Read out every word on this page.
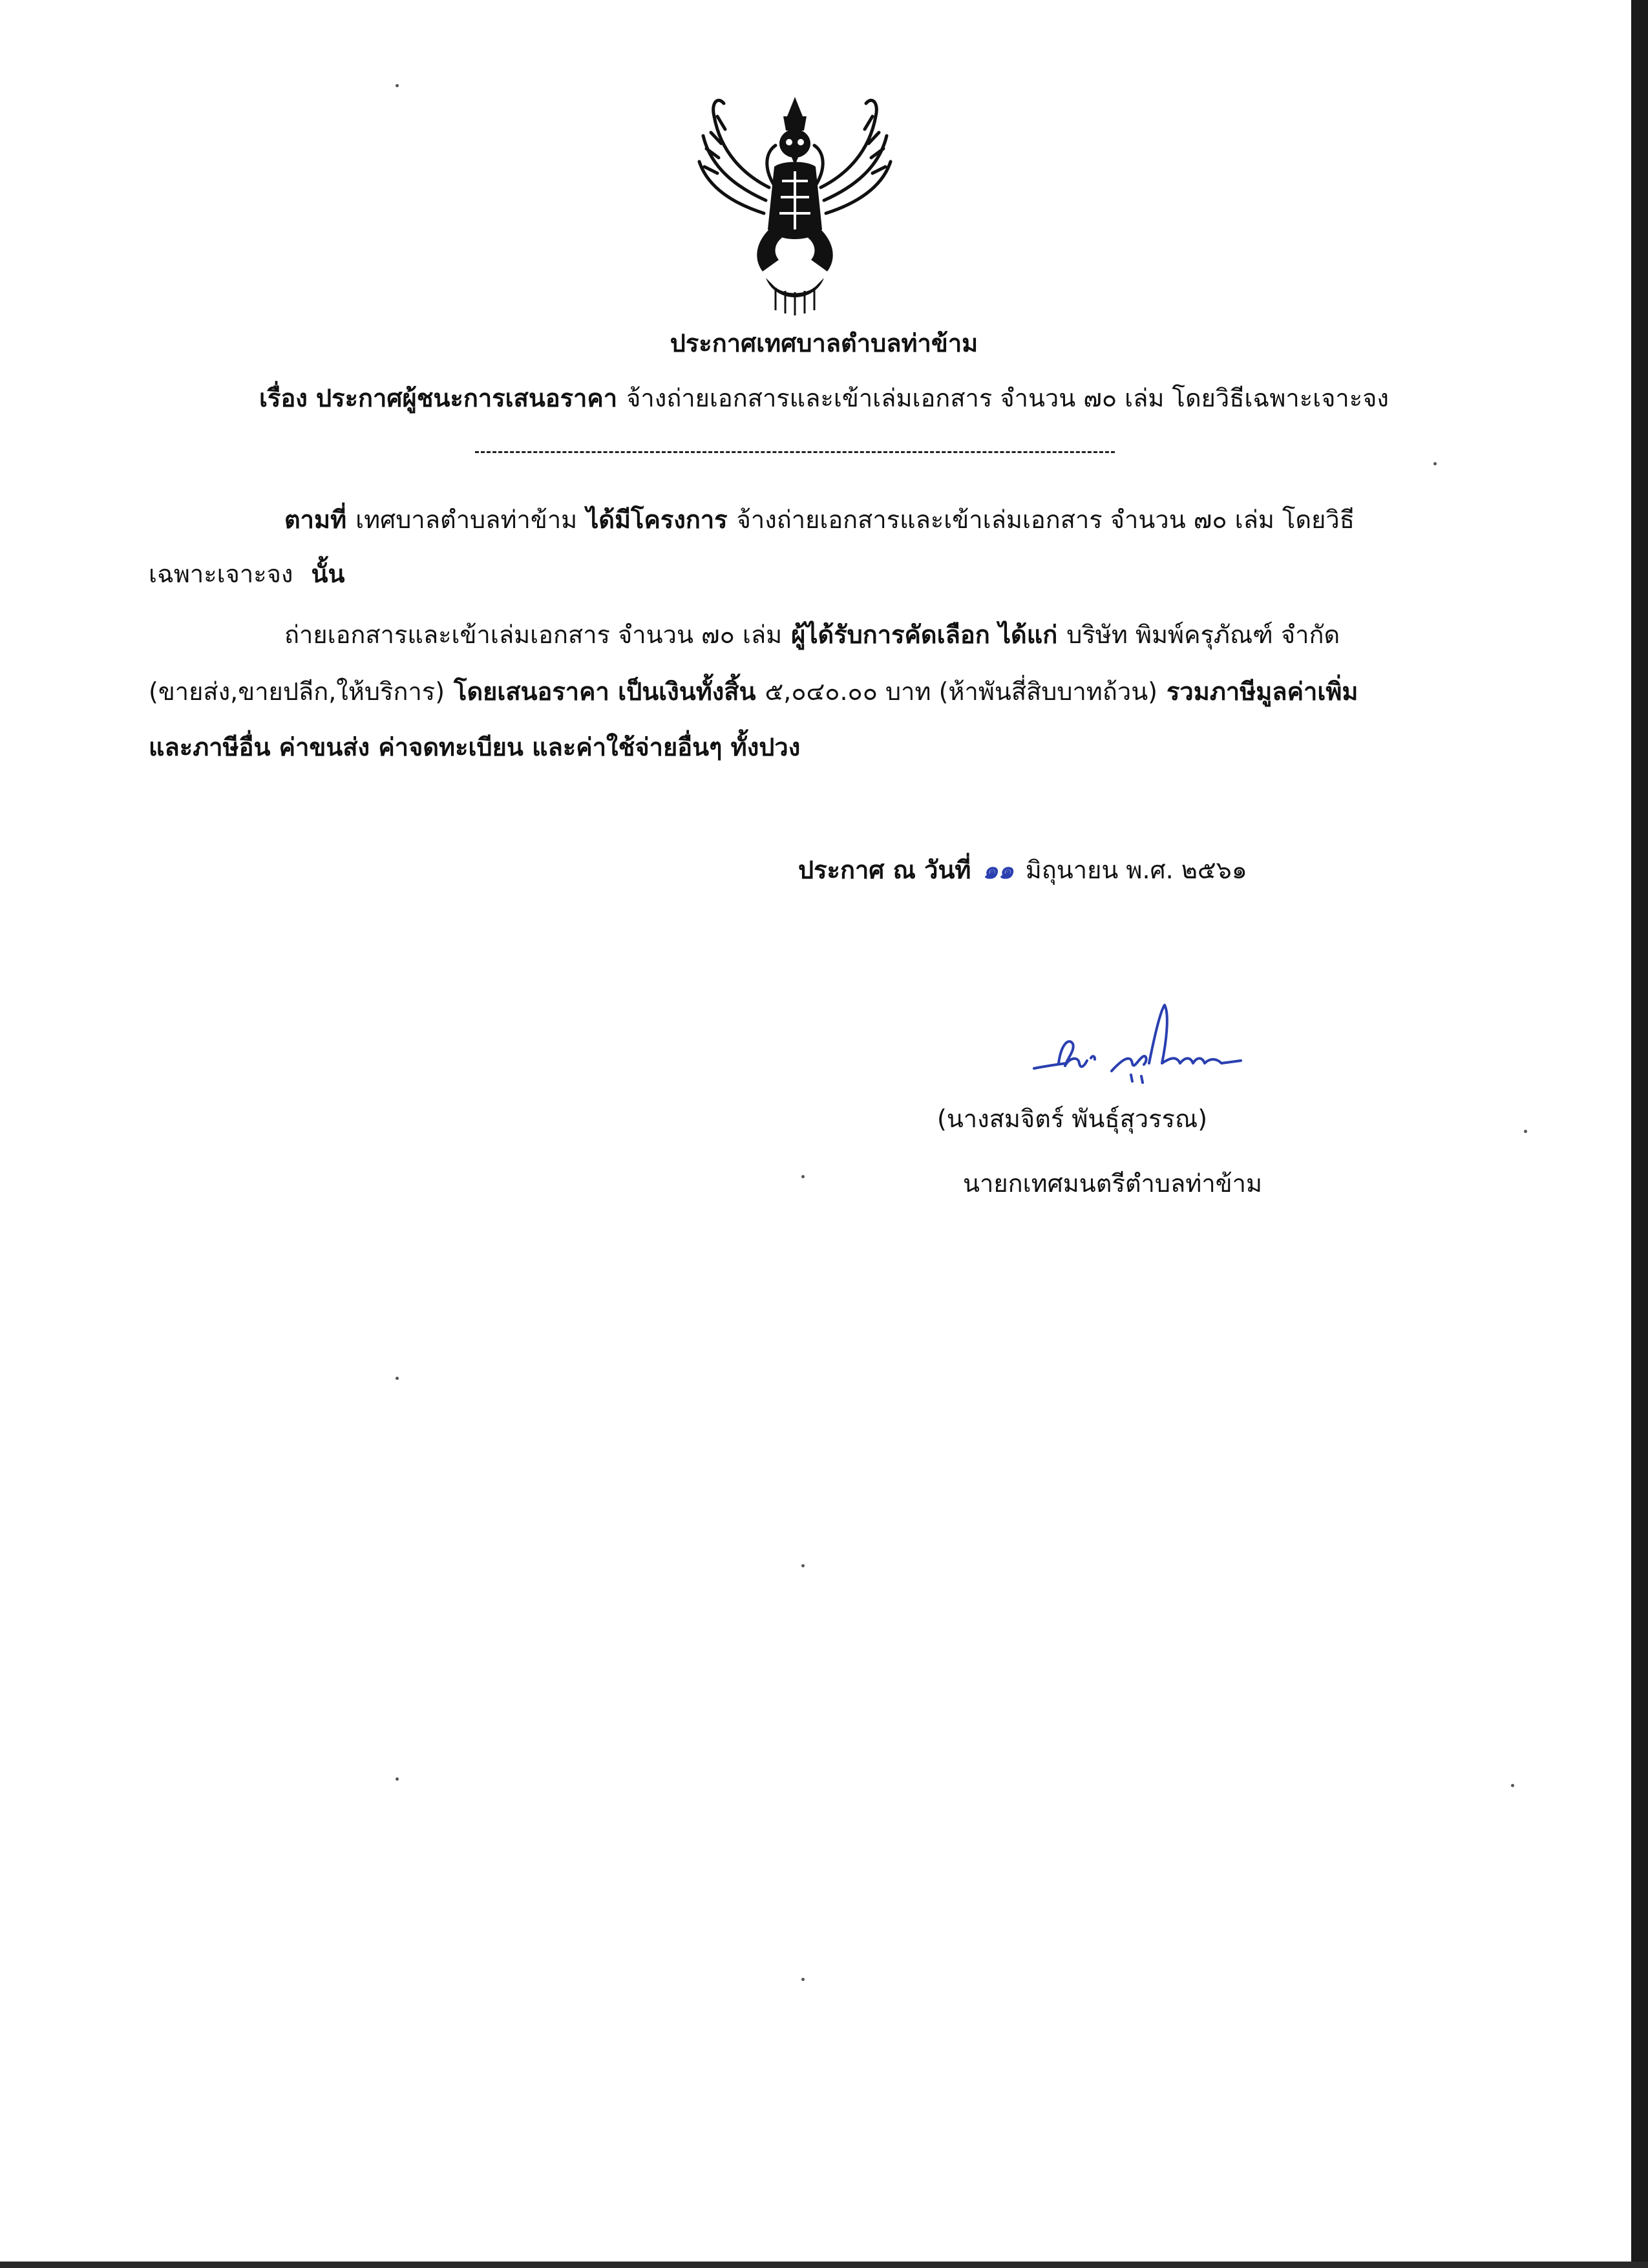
ประกาศเทศบาลตำบลท่าข้าม
เรื่อง ประกาศผู้ชนะการเสนอราคา จ้างถ่ายเอกสารและเข้าเล่มเอกสาร จำนวน ๗๐ เล่ม โดยวิธีเฉพาะเจาะจง
ตามที่ เทศบาลตำบลท่าข้าม ได้มีโครงการ จ้างถ่ายเอกสารและเข้าเล่มเอกสาร จำนวน ๗๐ เล่ม โดยวิธี
เฉพาะเจาะจง นั้น
ถ่ายเอกสารและเข้าเล่มเอกสาร จำนวน ๗๐ เล่ม ผู้ได้รับการคัดเลือก ได้แก่ บริษัท พิมพ์ครุภัณฑ์ จำกัด
(ขายส่ง,ขายปลีก,ให้บริการ) โดยเสนอราคา เป็นเงินทั้งสิ้น ๕,๐๔๐.๐๐ บาท (ห้าพันสี่สิบบาทถ้วน) รวมภาษีมูลค่าเพิ่ม
และภาษีอื่น ค่าขนส่ง ค่าจดทะเบียน และค่าใช้จ่ายอื่นๆ ทั้งปวง
ประกาศ ณ วันที่ ๑๑ มิถุนายน พ.ศ. ๒๕๖๑
(นางสมจิตร์ พันธุ์สุวรรณ)
นายกเทศมนตรีตำบลท่าข้าม
